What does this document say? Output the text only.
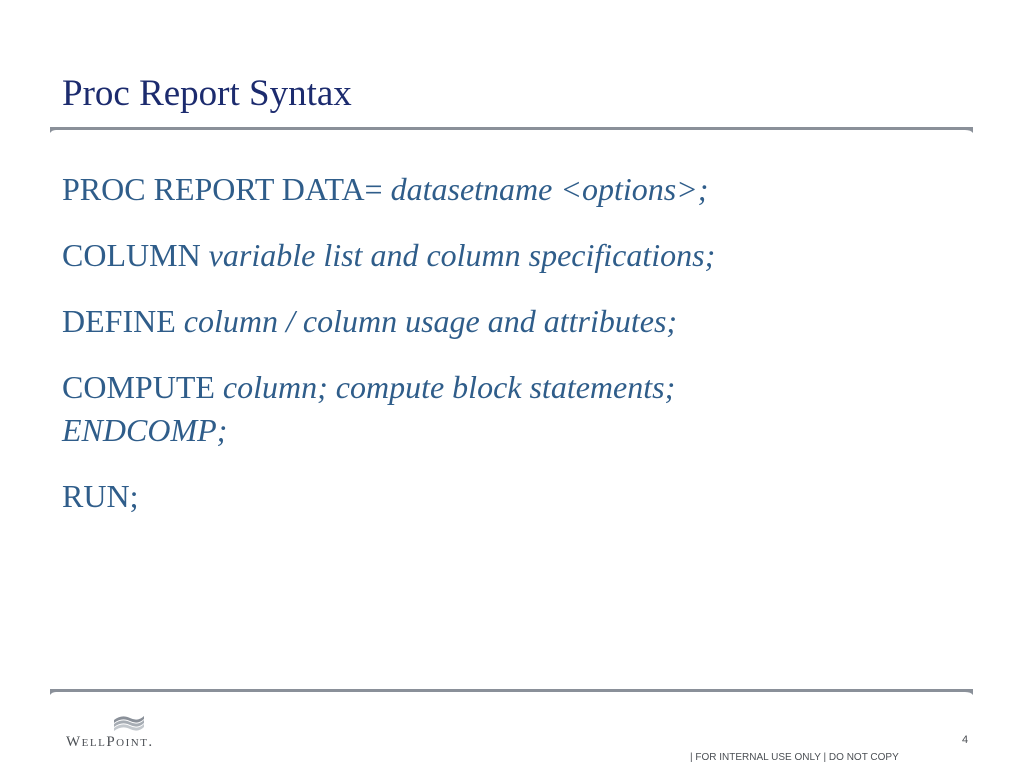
Proc Report Syntax
PROC REPORT DATA= datasetname <options>;
COLUMN variable list and column specifications;
DEFINE column / column usage and attributes;
COMPUTE column; compute block statements;
ENDCOMP;
RUN;
WellPoint.	4
| FOR INTERNAL USE ONLY | DO NOT COPY
